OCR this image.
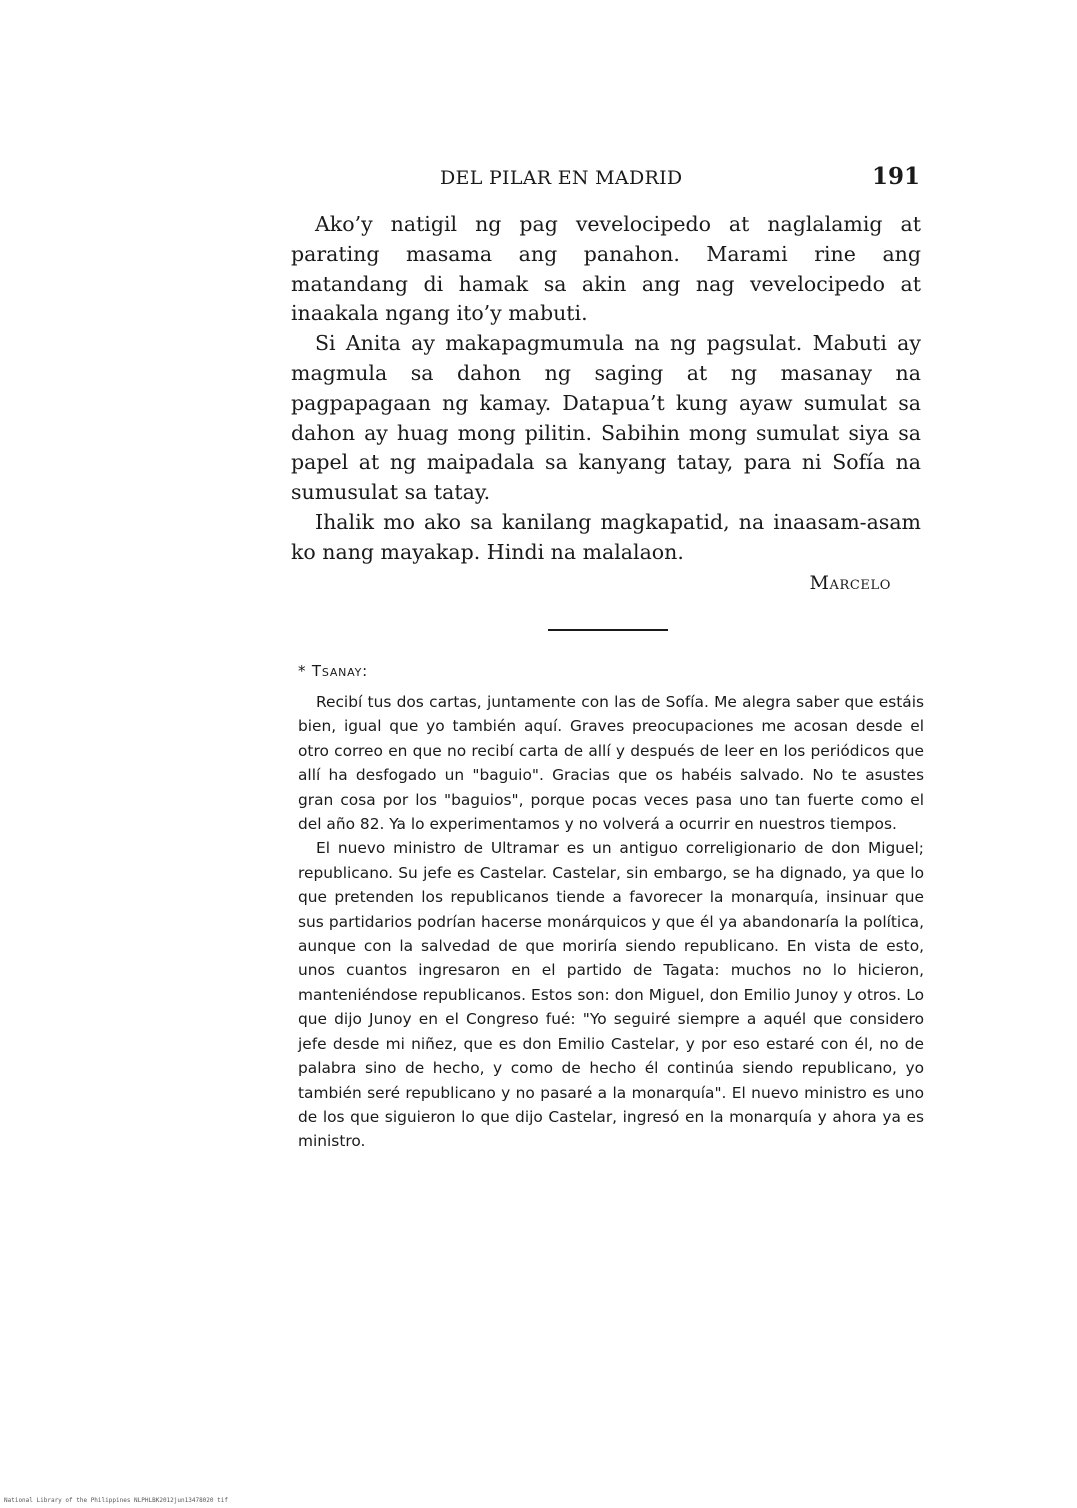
DEL PILAR EN MADRID	191

Ako’y natigil ng pag vevelocipedo at naglalamig at parating masama ang panahon. Marami rine ang matandang di hamak sa akin ang nag vevelocipedo at inaakala ngang ito’y mabuti.

Si Anita ay makapagmumula na ng pagsulat. Mabuti ay magmula sa dahon ng saging at ng masanay na pagpapagaan ng kamay. Datapua’t kung ayaw sumulat sa dahon ay huag mong pilitin. Sabihin mong sumulat siya sa papel at ng maipadala sa kanyang tatay, para ni Sofía na sumusulat sa tatay.

Ihalik mo ako sa kanilang magkapatid, na inaasam-asam ko nang mayakap. Hindi na malalaon.

Marcelo
* Tsanay:

Recibí tus dos cartas, juntamente con las de Sofía. Me alegra saber que estáis bien, igual que yo también aquí. Graves preocupaciones me acosan desde el otro correo en que no recibí carta de allí y después de leer en los periódicos que allí ha desfogado un "baguio". Gracias que os habéis salvado. No te asustes gran cosa por los "baguios", porque pocas veces pasa uno tan fuerte como el del año 82. Ya lo experimentamos y no volverá a ocurrir en nuestros tiempos.

El nuevo ministro de Ultramar es un antiguo correligionario de don Miguel; republicano. Su jefe es Castelar. Castelar, sin embargo, se ha dignado, ya que lo que pretenden los republicanos tiende a favorecer la monarquía, insinuar que sus partidarios podrían hacerse monárquicos y que él ya abandonaría la política, aunque con la salvedad de que moriría siendo republicano. En vista de esto, unos cuantos ingresaron en el partido de Tagata: muchos no lo hicieron, manteniéndose republicanos. Estos son: don Miguel, don Emilio Junoy y otros. Lo que dijo Junoy en el Congreso fué: "Yo seguiré siempre a aquél que considero jefe desde mi niñez, que es don Emilio Castelar, y por eso estaré con él, no de palabra sino de hecho, y como de hecho él continúa siendo republicano, yo también seré republicano y no pasaré a la monarquía". El nuevo ministro es uno de los que siguieron lo que dijo Castelar, ingresó en la monarquía y ahora ya es ministro.

National Library of the Philippines NLPHLBK2012jun13478020 tif
